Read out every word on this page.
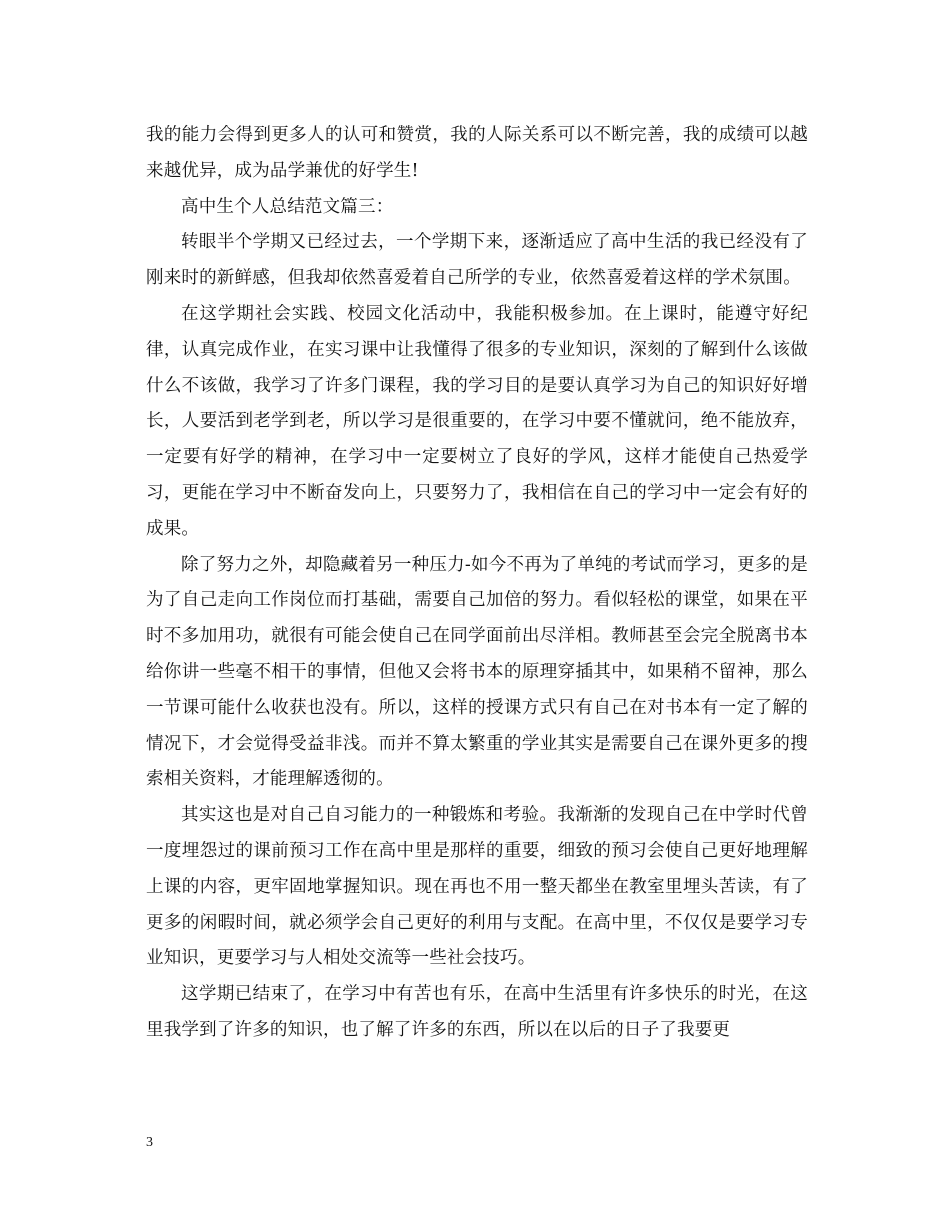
我的能力会得到更多人的认可和赞赏，我的人际关系可以不断完善，我的成绩可以越来越优异，成为品学兼优的好学生!

高中生个人总结范文篇三：

转眼半个学期又已经过去，一个学期下来，逐渐适应了高中生活的我已经没有了刚来时的新鲜感，但我却依然喜爱着自己所学的专业，依然喜爱着这样的学术氛围。

在这学期社会实践、校园文化活动中，我能积极参加。在上课时，能遵守好纪律，认真完成作业，在实习课中让我懂得了很多的专业知识，深刻的了解到什么该做什么不该做，我学习了许多门课程，我的学习目的是要认真学习为自己的知识好好增长，人要活到老学到老，所以学习是很重要的，在学习中要不懂就问，绝不能放弃，一定要有好学的精神，在学习中一定要树立了良好的学风，这样才能使自己热爱学习，更能在学习中不断奋发向上，只要努力了，我相信在自己的学习中一定会有好的成果。

除了努力之外，却隐藏着另一种压力-如今不再为了单纯的考试而学习，更多的是为了自己走向工作岗位而打基础，需要自己加倍的努力。看似轻松的课堂，如果在平时不多加用功，就很有可能会使自己在同学面前出尽洋相。教师甚至会完全脱离书本给你讲一些毫不相干的事情，但他又会将书本的原理穿插其中，如果稍不留神，那么一节课可能什么收获也没有。所以，这样的授课方式只有自己在对书本有一定了解的情况下，才会觉得受益非浅。而并不算太繁重的学业其实是需要自己在课外更多的搜索相关资料，才能理解透彻的。

其实这也是对自己自习能力的一种锻炼和考验。我渐渐的发现自己在中学时代曾一度埋怨过的课前预习工作在高中里是那样的重要，细致的预习会使自己更好地理解上课的内容，更牢固地掌握知识。现在再也不用一整天都坐在教室里埋头苦读，有了更多的闲暇时间，就必须学会自己更好的利用与支配。在高中里，不仅仅是要学习专业知识，更要学习与人相处交流等一些社会技巧。

这学期已结束了，在学习中有苦也有乐，在高中生活里有许多快乐的时光，在这里我学到了许多的知识，也了解了许多的东西，所以在以后的日子了我要更

3
